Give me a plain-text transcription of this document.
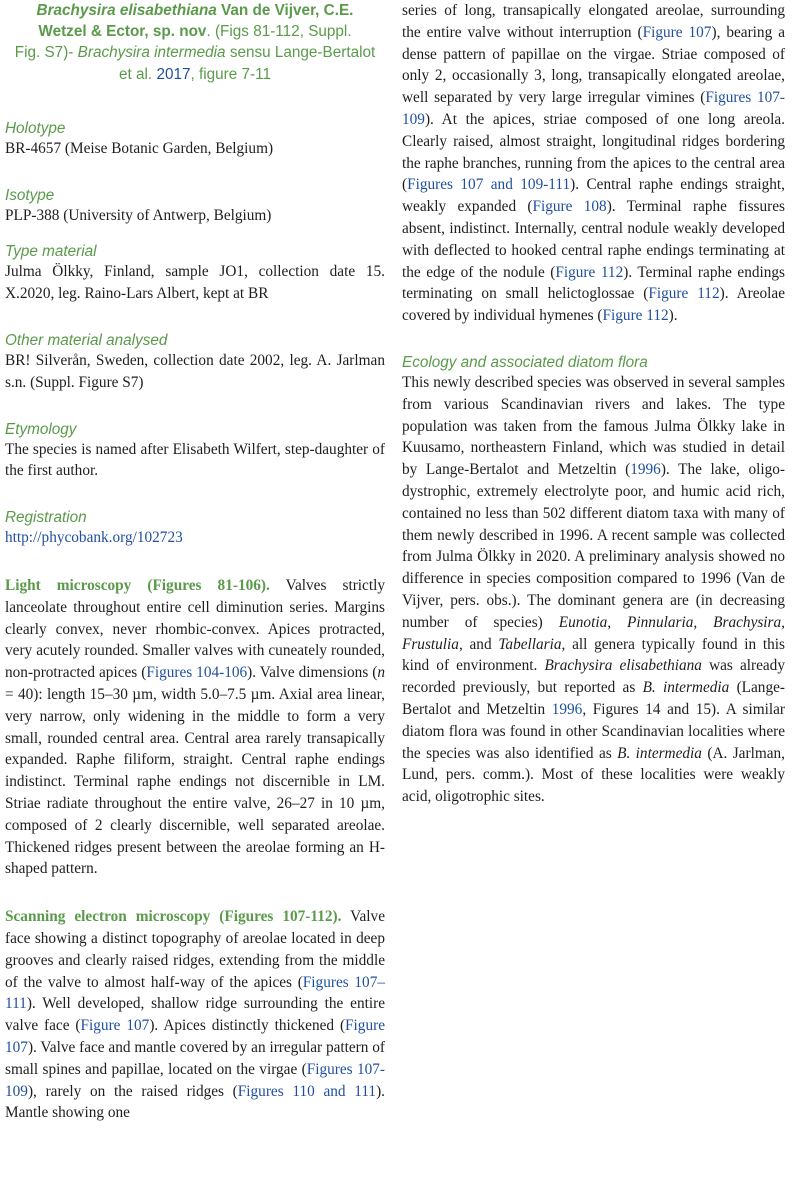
Brachysira elisabethiana Van de Vijver, C.E.
Wetzel & Ector, sp. nov. (Figs 81-112, Suppl.
Fig. S7)- Brachysira intermedia sensu Lange-Bertalot
et al. 2017, figure 7-11

Holotype

BR-4657 (Meise Botanic Garden, Belgium)

Isotype

PLP-388 (University of Antwerp, Belgium)

Type material

Julma Ölkky, Finland, sample JO1, collection date 15. X.2020, leg. Raino-Lars Albert, kept at BR

Other material analysed

BR! Silverån, Sweden, collection date 2002, leg. A. Jarlman s.n. (Suppl. Figure S7)

Etymology

The species is named after Elisabeth Wilfert, step-daughter of the first author.

Registration

http://phycobank.org/102723

Light microscopy (Figures 81-106). Valves strictly lanceolate throughout entire cell diminution series. Margins clearly convex, never rhombic-convex. Apices protracted, very acutely rounded. Smaller valves with cuneately rounded, non-protracted apices (Figures 104-106). Valve dimensions (n = 40): length 15–30 µm, width 5.0–7.5 µm. Axial area linear, very narrow, only widening in the middle to form a very small, rounded central area. Central area rarely transapically expanded. Raphe filiform, straight. Central raphe endings indistinct. Terminal raphe endings not discernible in LM. Striae radiate throughout the entire valve, 26–27 in 10 µm, composed of 2 clearly discernible, well separated areolae. Thickened ridges present between the areolae forming an H-shaped pattern.

Scanning electron microscopy (Figures 107-112). Valve face showing a distinct topography of areolae located in deep grooves and clearly raised ridges, extending from the middle of the valve to almost half-way of the apices (Figures 107–111). Well developed, shallow ridge surrounding the entire valve face (Figure 107). Apices distinctly thickened (Figure 107). Valve face and mantle covered by an irregular pattern of small spines and papillae, located on the virgae (Figures 107-109), rarely on the raised ridges (Figures 110 and 111). Mantle showing one

series of long, transapically elongated areolae, surrounding the entire valve without interruption (Figure 107), bearing a dense pattern of papillae on the virgae. Striae composed of only 2, occasionally 3, long, transapically elongated areolae, well separated by very large irregular vimines (Figures 107-109). At the apices, striae composed of one long areola. Clearly raised, almost straight, longitudinal ridges bordering the raphe branches, running from the apices to the central area (Figures 107 and 109-111). Central raphe endings straight, weakly expanded (Figure 108). Terminal raphe fissures absent, indistinct. Internally, central nodule weakly developed with deflected to hooked central raphe endings terminating at the edge of the nodule (Figure 112). Terminal raphe endings terminating on small helictoglossae (Figure 112). Areolae covered by individual hymenes (Figure 112).

Ecology and associated diatom flora

This newly described species was observed in several samples from various Scandinavian rivers and lakes. The type population was taken from the famous Julma Ölkky lake in Kuusamo, northeastern Finland, which was studied in detail by Lange-Bertalot and Metzeltin (1996). The lake, oligo-dystrophic, extremely electrolyte poor, and humic acid rich, contained no less than 502 different diatom taxa with many of them newly described in 1996. A recent sample was collected from Julma Ölkky in 2020. A preliminary analysis showed no difference in species composition compared to 1996 (Van de Vijver, pers. obs.). The dominant genera are (in decreasing number of species) Eunotia, Pinnularia, Brachysira, Frustulia, and Tabellaria, all genera typically found in this kind of environment. Brachysira elisabethiana was already recorded previously, but reported as B. intermedia (Lange-Bertalot and Metzeltin 1996, Figures 14 and 15). A similar diatom flora was found in other Scandinavian localities where the species was also identified as B. intermedia (A. Jarlman, Lund, pers. comm.). Most of these localities were weakly acid, oligotrophic sites.
